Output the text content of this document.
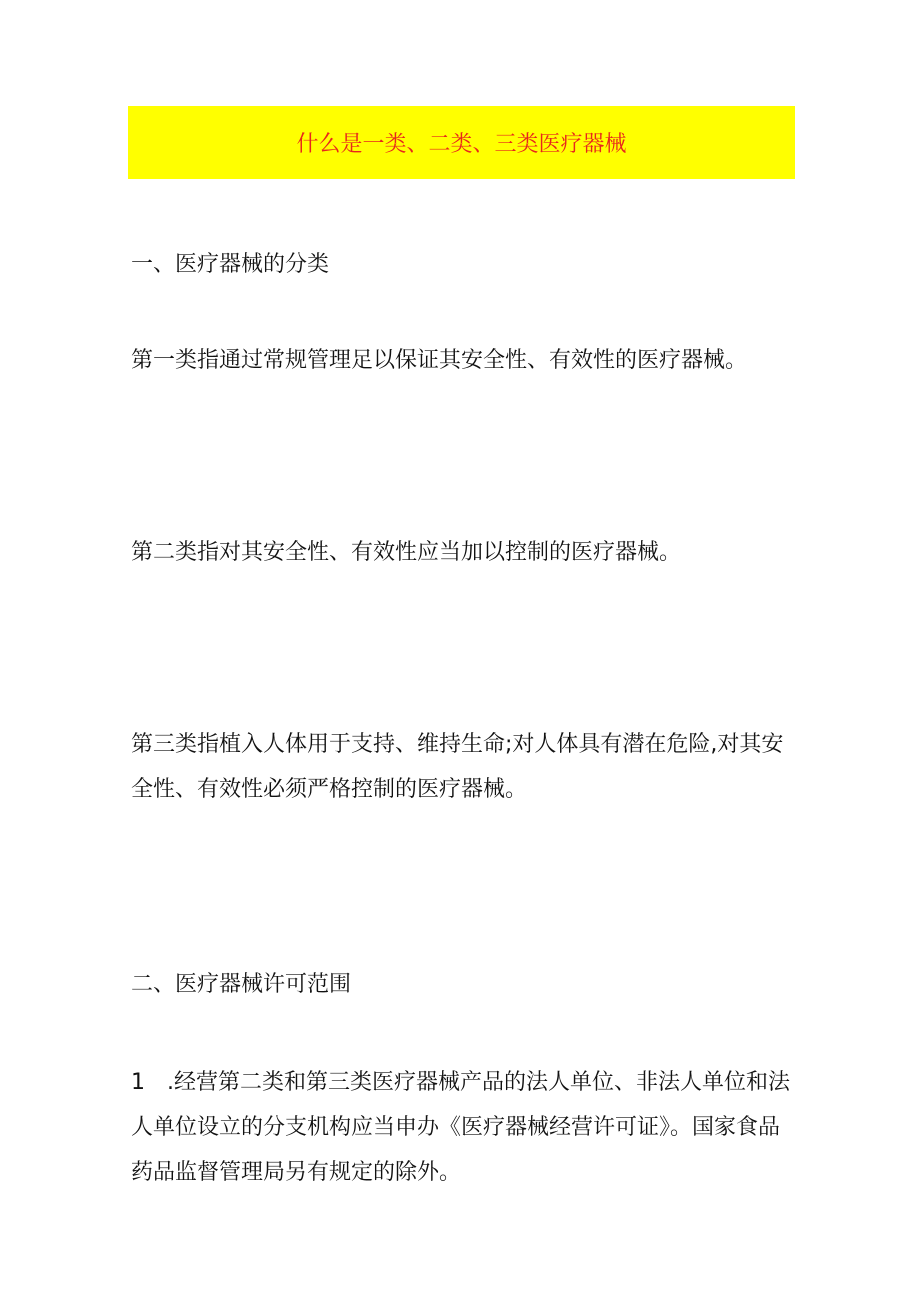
什么是一类、二类、三类医疗器械

一、医疗器械的分类

第一类指通过常规管理足以保证其安全性、有效性的医疗器械。

第二类指对其安全性、有效性应当加以控制的医疗器械。

第三类指植入人体用于支持、维持生命;对人体具有潜在危险,对其安全性、有效性必须严格控制的医疗器械。

二、医疗器械许可范围

1　.经营第二类和第三类医疗器械产品的法人单位、非法人单位和法人单位设立的分支机构应当申办《医疗器械经营许可证》。国家食品药品监督管理局另有规定的除外。
